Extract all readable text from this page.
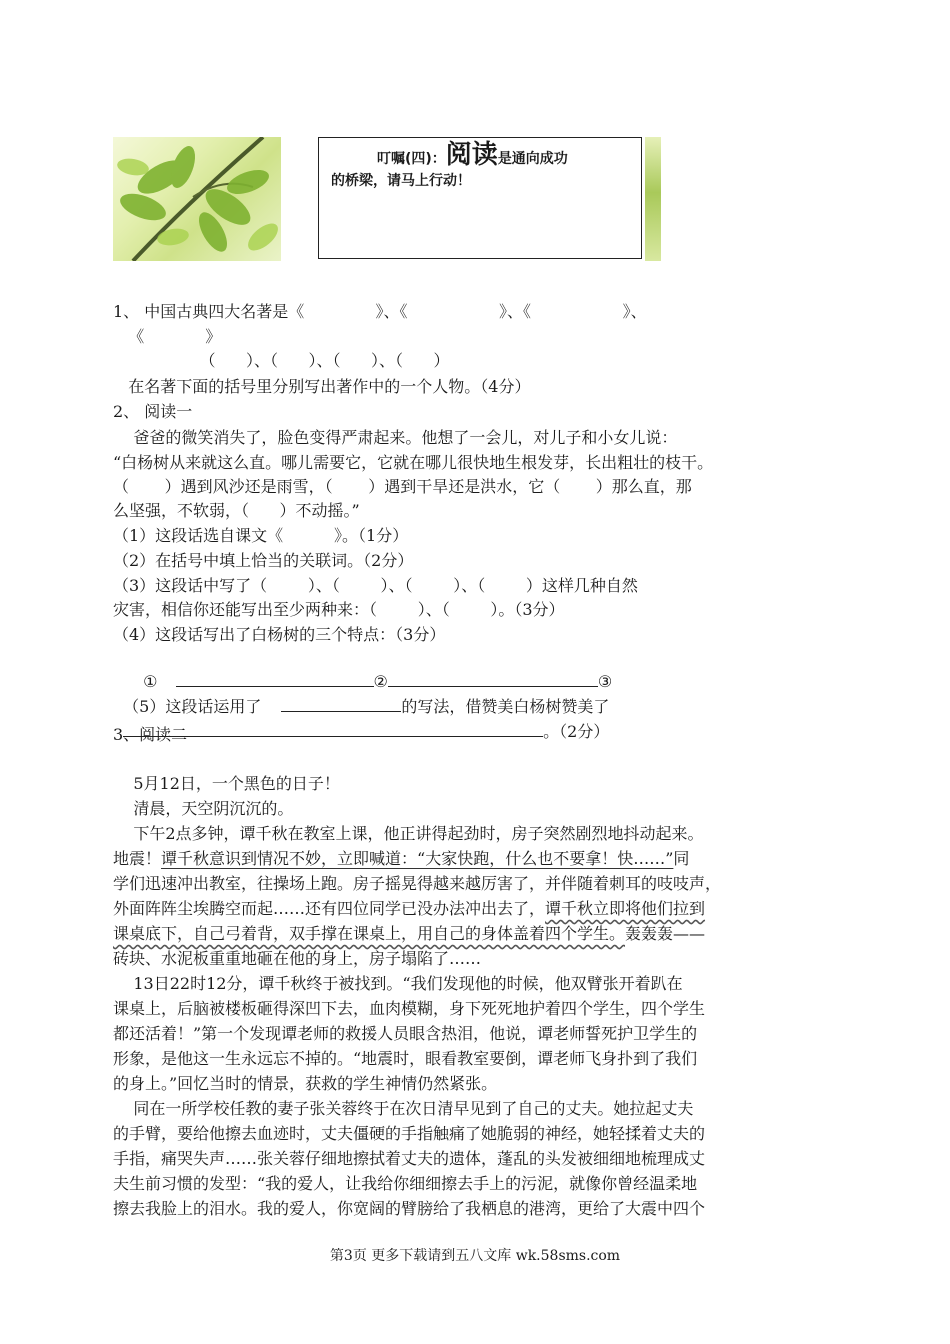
叮嘱(四)：阅读是通向成功
的桥梁，请马上行动！
1、 中国古典四大名著是《              》、《                  》、《                  》、
《            》
（      ）、（      ）、（      ）、（      ）
在名著下面的括号里分别写出著作中的一个人物。（4分）
2、 阅读一
爸爸的微笑消失了，脸色变得严肃起来。他想了一会儿，对儿子和小女儿说：
“白杨树从来就这么直。哪儿需要它，它就在哪儿很快地生根发芽，长出粗壮的枝干。
（       ）遇到风沙还是雨雪，（       ）遇到干旱还是洪水，它（       ）那么直，那
么坚强，不软弱，（      ）不动摇。”
（1）这段话选自课文《          》。（1分）
（2）在括号中填上恰当的关联词。（2分）
（3）这段话中写了（        ）、（        ）、（        ）、（        ）这样几种自然
灾害，相信你还能写出至少两种来：（        ）、（        ）。（3分）
（4）这段话写出了白杨树的三个特点：（3分）

①	②	③

（5）这段话运用了	的写法，借赞美白杨树赞美了

。（2分）

3、阅读二
5月12日，一个黑色的日子！
清晨，天空阴沉沉的。
下午2点多钟，谭千秋在教室上课，他正讲得起劲时，房子突然剧烈地抖动起来。
地震！谭千秋意识到情况不妙，立即喊道：“大家快跑，什么也不要拿！快……”同
学们迅速冲出教室，往操场上跑。房子摇晃得越来越厉害了，并伴随着刺耳的吱吱声，
外面阵阵尘埃腾空而起……还有四位同学已没办法冲出去了，谭千秋立即将他们拉到
课桌底下，自己弓着背，双手撑在课桌上，用自己的身体盖着四个学生。轰轰轰——
砖块、水泥板重重地砸在他的身上，房子塌陷了……
13日22时12分，谭千秋终于被找到。“我们发现他的时候，他双臂张开着趴在
课桌上，后脑被楼板砸得深凹下去，血肉模糊，身下死死地护着四个学生，四个学生
都还活着！”第一个发现谭老师的救援人员眼含热泪，他说，谭老师誓死护卫学生的
形象，是他这一生永远忘不掉的。“地震时，眼看教室要倒，谭老师飞身扑到了我们
的身上。”回忆当时的情景，获救的学生神情仍然紧张。
同在一所学校任教的妻子张关蓉终于在次日清早见到了自己的丈夫。她拉起丈夫
的手臂，要给他擦去血迹时，丈夫僵硬的手指触痛了她脆弱的神经，她轻揉着丈夫的
手指，痛哭失声……张关蓉仔细地擦拭着丈夫的遗体，蓬乱的头发被细细地梳理成丈
夫生前习惯的发型：“我的爱人，让我给你细细擦去手上的污泥，就像你曾经温柔地
擦去我脸上的泪水。我的爱人，你宽阔的臂膀给了我栖息的港湾，更给了大震中四个
第3页 更多下载请到五八文库 wk.58sms.com
